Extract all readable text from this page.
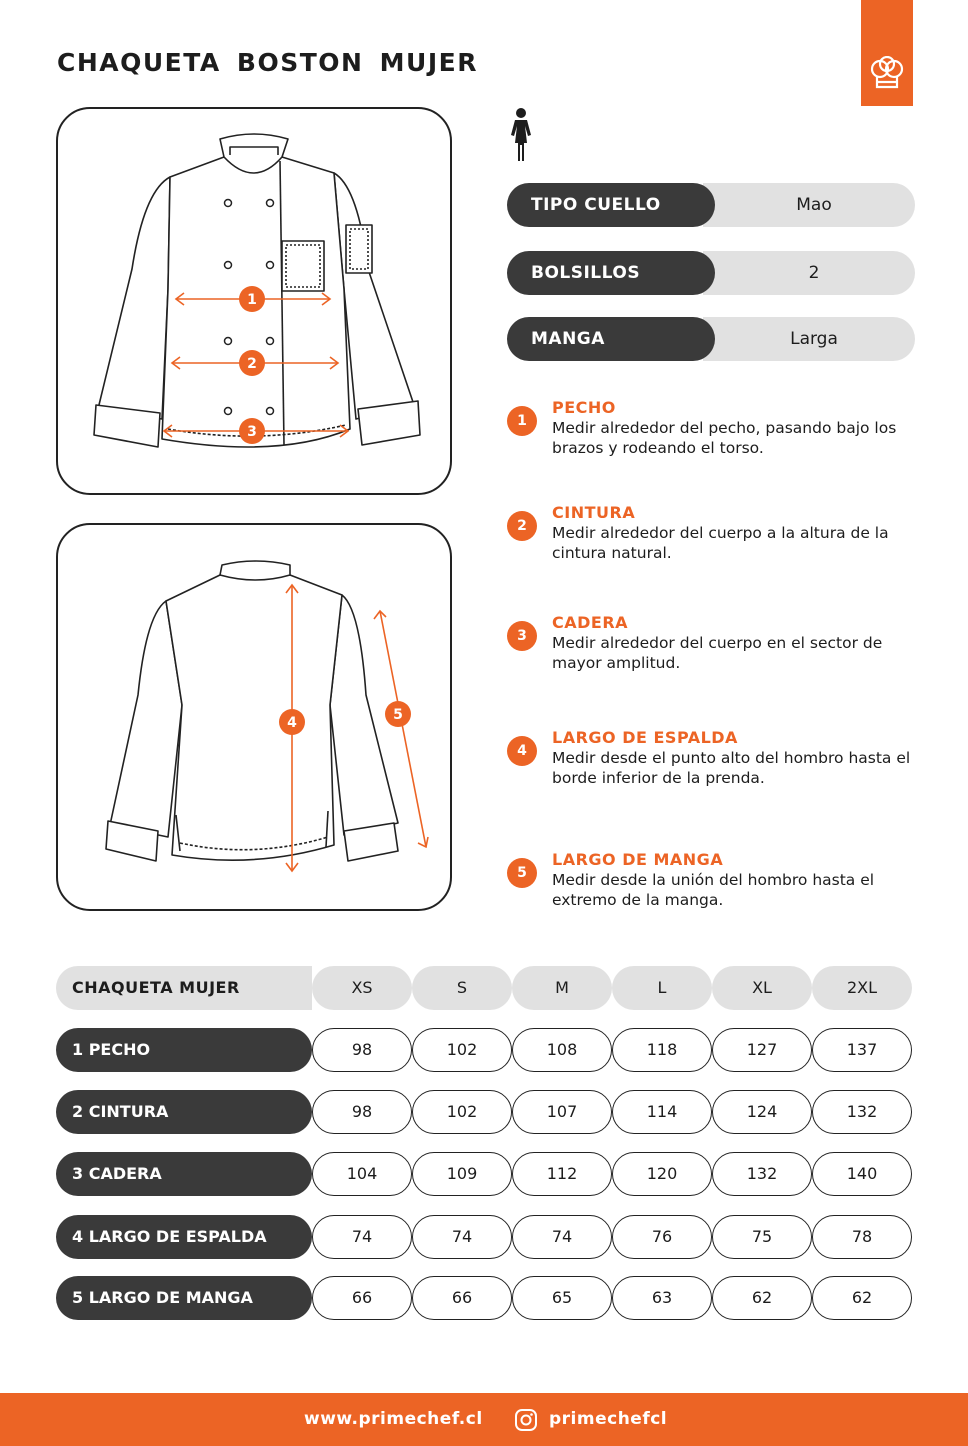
CHAQUETA BOSTON MUJER
1
2
3
4	5
Mao
TIPO CUELLO
2
BOLSILLOS
Larga
MANGA
1
PECHO
Medir alrededor del pecho, pasando bajo los brazos y rodeando el torso.
2
CINTURA
Medir alrededor del cuerpo a la altura de la cintura natural.
3
CADERA
Medir alrededor del cuerpo en el sector de mayor amplitud.
4
LARGO DE ESPALDA
Medir desde el punto alto del hombro hasta el borde inferior de la prenda.
5
LARGO DE MANGA
Medir desde la unión del hombro hasta el extremo de la manga.
CHAQUETA MUJER	XS	S	M	L	XL	2XL
1 PECHO	98	102	108	118	127	137
2 CINTURA	98	102	107	114	124	132
3 CADERA	104	109	112	120	132	140
4 LARGO DE ESPALDA	74	74	74	76	75	78
5 LARGO DE MANGA	66	66	65	63	62	62
www.primechef.cl	primechefcl
